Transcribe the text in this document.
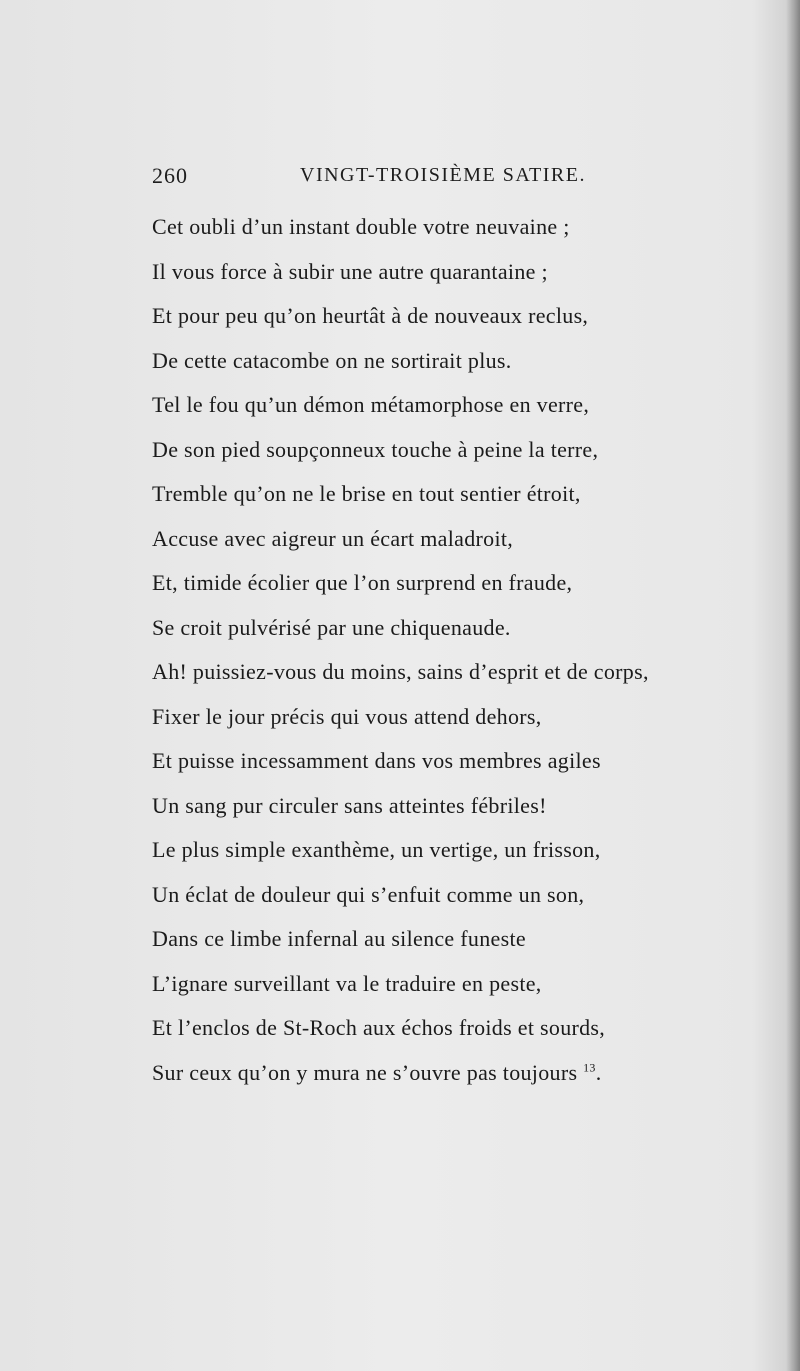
260	VINGT-TROISIÈME SATIRE.
Cet oubli d’un instant double votre neuvaine ;
Il vous force à subir une autre quarantaine ;
Et pour peu qu’on heurtât à de nouveaux reclus,
De cette catacombe on ne sortirait plus.
Tel le fou qu’un démon métamorphose en verre,
De son pied soupçonneux touche à peine la terre,
Tremble qu’on ne le brise en tout sentier étroit,
Accuse avec aigreur un écart maladroit,
Et, timide écolier que l’on surprend en fraude,
Se croit pulvérisé par une chiquenaude.
Ah! puissiez-vous du moins, sains d’esprit et de corps,
Fixer le jour précis qui vous attend dehors,
Et puisse incessamment dans vos membres agiles
Un sang pur circuler sans atteintes fébriles!
Le plus simple exanthème, un vertige, un frisson,
Un éclat de douleur qui s’enfuit comme un son,
Dans ce limbe infernal au silence funeste
L’ignare surveillant va le traduire en peste,
Et l’enclos de St-Roch aux échos froids et sourds,
Sur ceux qu’on y mura ne s’ouvre pas toujours $^{13}$.
